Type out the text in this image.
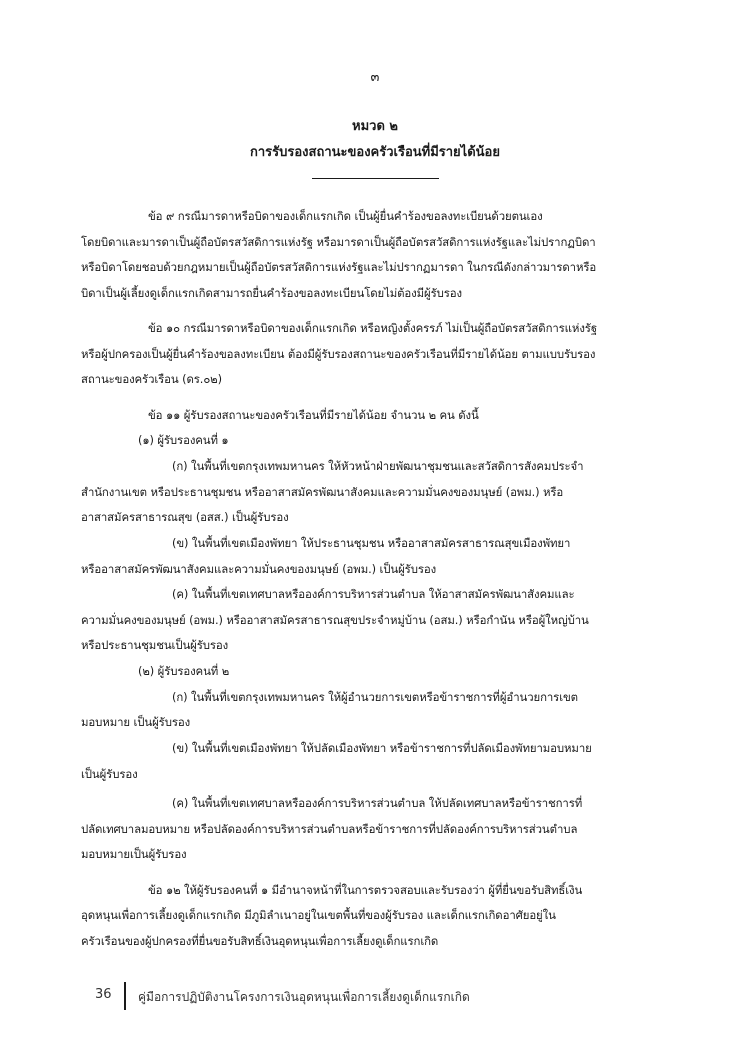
๓
หมวด ๒
การรับรองสถานะของครัวเรือนที่มีรายได้น้อย
ข้อ ๙ กรณีมารดาหรือบิดาของเด็กแรกเกิด เป็นผู้ยื่นคำร้องขอลงทะเบียนด้วยตนเอง
โดยบิดาและมารดาเป็นผู้ถือบัตรสวัสดิการแห่งรัฐ หรือมารดาเป็นผู้ถือบัตรสวัสดิการแห่งรัฐและไม่ปรากฏบิดา
หรือบิดาโดยชอบด้วยกฎหมายเป็นผู้ถือบัตรสวัสดิการแห่งรัฐและไม่ปรากฏมารดา ในกรณีดังกล่าวมารดาหรือ
บิดาเป็นผู้เลี้ยงดูเด็กแรกเกิดสามารถยื่นคำร้องขอลงทะเบียนโดยไม่ต้องมีผู้รับรอง
ข้อ ๑๐ กรณีมารดาหรือบิดาของเด็กแรกเกิด หรือหญิงตั้งครรภ์ ไม่เป็นผู้ถือบัตรสวัสดิการแห่งรัฐ
หรือผู้ปกครองเป็นผู้ยื่นคำร้องขอลงทะเบียน ต้องมีผู้รับรองสถานะของครัวเรือนที่มีรายได้น้อย ตามแบบรับรอง
สถานะของครัวเรือน (ดร.๐๒)
ข้อ ๑๑ ผู้รับรองสถานะของครัวเรือนที่มีรายได้น้อย จำนวน ๒ คน ดังนี้
(๑) ผู้รับรองคนที่ ๑
(ก) ในพื้นที่เขตกรุงเทพมหานคร ให้หัวหน้าฝ่ายพัฒนาชุมชนและสวัสดิการสังคมประจำ
สำนักงานเขต หรือประธานชุมชน หรืออาสาสมัครพัฒนาสังคมและความมั่นคงของมนุษย์ (อพม.) หรือ
อาสาสมัครสาธารณสุข (อสส.) เป็นผู้รับรอง
(ข) ในพื้นที่เขตเมืองพัทยา ให้ประธานชุมชน หรืออาสาสมัครสาธารณสุขเมืองพัทยา
หรืออาสาสมัครพัฒนาสังคมและความมั่นคงของมนุษย์ (อพม.) เป็นผู้รับรอง
(ค) ในพื้นที่เขตเทศบาลหรือองค์การบริหารส่วนตำบล ให้อาสาสมัครพัฒนาสังคมและ
ความมั่นคงของมนุษย์ (อพม.) หรืออาสาสมัครสาธารณสุขประจำหมู่บ้าน (อสม.) หรือกำนัน หรือผู้ใหญ่บ้าน
หรือประธานชุมชนเป็นผู้รับรอง
(๒) ผู้รับรองคนที่ ๒
(ก) ในพื้นที่เขตกรุงเทพมหานคร ให้ผู้อำนวยการเขตหรือข้าราชการที่ผู้อำนวยการเขต
มอบหมาย เป็นผู้รับรอง
(ข) ในพื้นที่เขตเมืองพัทยา ให้ปลัดเมืองพัทยา หรือข้าราชการที่ปลัดเมืองพัทยามอบหมาย
เป็นผู้รับรอง
(ค) ในพื้นที่เขตเทศบาลหรือองค์การบริหารส่วนตำบล ให้ปลัดเทศบาลหรือข้าราชการที่
ปลัดเทศบาลมอบหมาย หรือปลัดองค์การบริหารส่วนตำบลหรือข้าราชการที่ปลัดองค์การบริหารส่วนตำบล
มอบหมายเป็นผู้รับรอง
ข้อ ๑๒ ให้ผู้รับรองคนที่ ๑ มีอำนาจหน้าที่ในการตรวจสอบและรับรองว่า ผู้ที่ยื่นขอรับสิทธิ์เงิน
อุดหนุนเพื่อการเลี้ยงดูเด็กแรกเกิด มีภูมิลำเนาอยู่ในเขตพื้นที่ของผู้รับรอง และเด็กแรกเกิดอาศัยอยู่ใน
ครัวเรือนของผู้ปกครองที่ยื่นขอรับสิทธิ์เงินอุดหนุนเพื่อการเลี้ยงดูเด็กแรกเกิด
36 คู่มือการปฏิบัติงานโครงการเงินอุดหนุนเพื่อการเลี้ยงดูเด็กแรกเกิด
